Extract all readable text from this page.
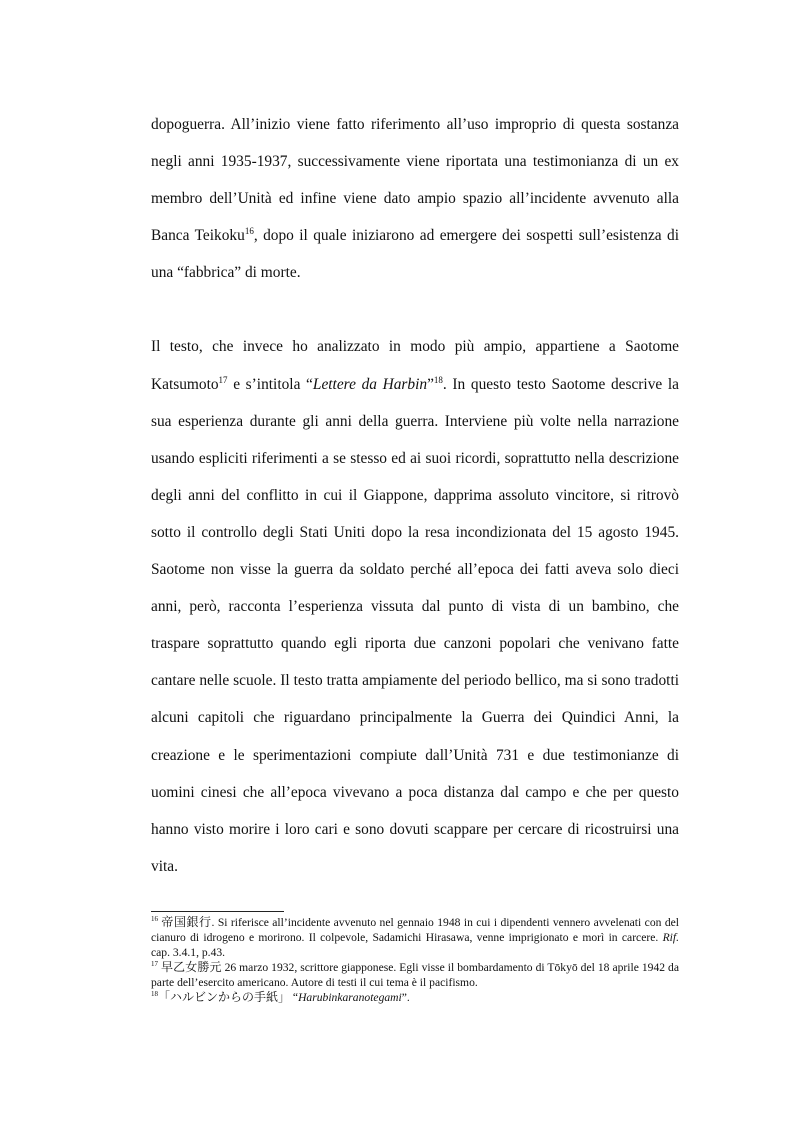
dopoguerra. All’inizio viene fatto riferimento all’uso improprio di questa sostanza negli anni 1935-1937, successivamente viene riportata una testimonianza di un ex membro dell’Unità ed infine viene dato ampio spazio all’incidente avvenuto alla Banca Teikoku$^{16}$, dopo il quale iniziarono ad emergere dei sospetti sull’esistenza di una “fabbrica” di morte.

Il testo, che invece ho analizzato in modo più ampio, appartiene a Saotome Katsumoto$^{17}$ e s’intitola “Lettere da Harbin”$^{18}$. In questo testo Saotome descrive la sua esperienza durante gli anni della guerra. Interviene più volte nella narrazione usando espliciti riferimenti a se stesso ed ai suoi ricordi, soprattutto nella descrizione degli anni del conflitto in cui il Giappone, dapprima assoluto vincitore, si ritrovò sotto il controllo degli Stati Uniti dopo la resa incondizionata del 15 agosto 1945. Saotome non visse la guerra da soldato perché all’epoca dei fatti aveva solo dieci anni, però, racconta l’esperienza vissuta dal punto di vista di un bambino, che traspare soprattutto quando egli riporta due canzoni popolari che venivano fatte cantare nelle scuole. Il testo tratta ampiamente del periodo bellico, ma si sono tradotti alcuni capitoli che riguardano principalmente la Guerra dei Quindici Anni, la creazione e le sperimentazioni compiute dall’Unità 731 e due testimonianze di uomini cinesi che all’epoca vivevano a poca distanza dal campo e che per questo hanno visto morire i loro cari e sono dovuti scappare per cercare di ricostruirsi una vita.

$^{16}$ 帝国銀行. Si riferisce all’incidente avvenuto nel gennaio 1948 in cui i dipendenti vennero avvelenati con del cianuro di idrogeno e morirono. Il colpevole, Sadamichi Hirasawa, venne imprigionato e morì in carcere. Rif. cap. 3.4.1, p.43.

$^{17}$ 早乙女勝元 26 marzo 1932, scrittore giapponese. Egli visse il bombardamento di Tōkyō del 18 aprile 1942 da parte dell’esercito americano. Autore di testi il cui tema è il pacifismo.

$^{18}$「ハルビンからの手紙」 “Harubinkaranotegami”.
